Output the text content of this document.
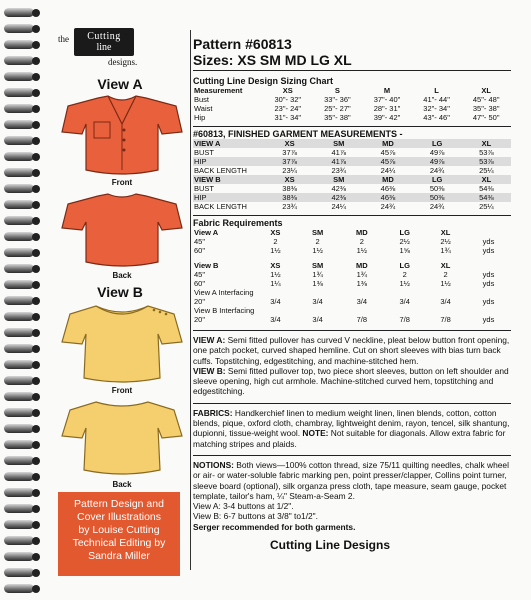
the	Cutting
line
designs.
View A
Front
Back
View B
Front
Back
Pattern Design and
Cover Illustrations
by Louise Cutting
Technical Editing by
Sandra Miller
Pattern #60813
Sizes: XS SM MD LG XL
Cutting Line Design Sizing Chart
Measurement	XS	S	M	L	XL
Bust	30"- 32"	33"- 36"	37"- 40"	41"- 44"	45"- 48"
Waist	23"- 24"	25"- 27"	28"- 31"	32"- 34"	35"- 38"
Hip	31"- 34"	35"- 38"	39"- 42"	43"- 46"	47"- 50"
#60813, FINISHED GARMENT MEASUREMENTS -
VIEW A	XS	SM	MD	LG	XL
BUST	37⅞	41⅞	45⅞	49⅞	53⅞
HIP	37⅞	41⅞	45⅞	49⅞	53⅞
BACK LENGTH	23¼	23¾	24¼	24¾	25¼
VIEW B	XS	SM	MD	LG	XL
BUST	38⅜	42⅜	46⅜	50⅜	54⅜
HIP	38⅜	42⅜	46⅜	50⅜	54⅜
BACK LENGTH	23¾	24¼	24¾	24¾	25¼
Fabric Requirements
View A	XS	SM	MD	LG	XL	
45"	2	2	2	2½	2½	yds
60"	1½	1½	1½	1⅝	1¾	yds

View B	XS	SM	MD	LG	XL	
45"	1½	1¾	1¾	2	2	yds
60"	1¼	1⅜	1⅜	1½	1½	yds
View A Interfacing						
20"	3/4	3/4	3/4	3/4	3/4	yds
View B Interfacing						
20"	3/4	3/4	7/8	7/8	7/8	yds
VIEW A: Semi fitted pullover has curved V neckline, pleat below button front opening, one patch pocket, curved shaped hemline. Cut on short sleeves with bias turn back cuffs. Topstitching, edgestitching, and machine-stitched hem.
VIEW B: Semi fitted pullover top, two piece short sleeves, button on left shoulder and sleeve opening, high cut armhole. Machine-stitched curved hem, topstitching and edgestitching.
FABRICS: Handkerchief linen to medium weight linen, linen blends, cotton, cotton blends, pique, oxford cloth, chambray, lightweight denim, rayon, tencel, silk shantung, dupionni, tissue-weight wool. NOTE: Not suitable for diagonals. Allow extra fabric for matching stripes and plaids.
NOTIONS: Both views—100% cotton thread, size 75/11 quilting needles, chalk wheel or air- or water-soluble fabric marking pen, point presser/clapper, Collins point turner, sleeve board (optional), silk organza press cloth, tape measure, seam gauge, pocket template, tailor's ham, ¼" Steam-a-Seam 2.
View A: 3-4 buttons at 1/2".
View B: 6-7 buttons at 3/8" to1/2".
Serger recommended for both garments.
Cutting Line Designs
